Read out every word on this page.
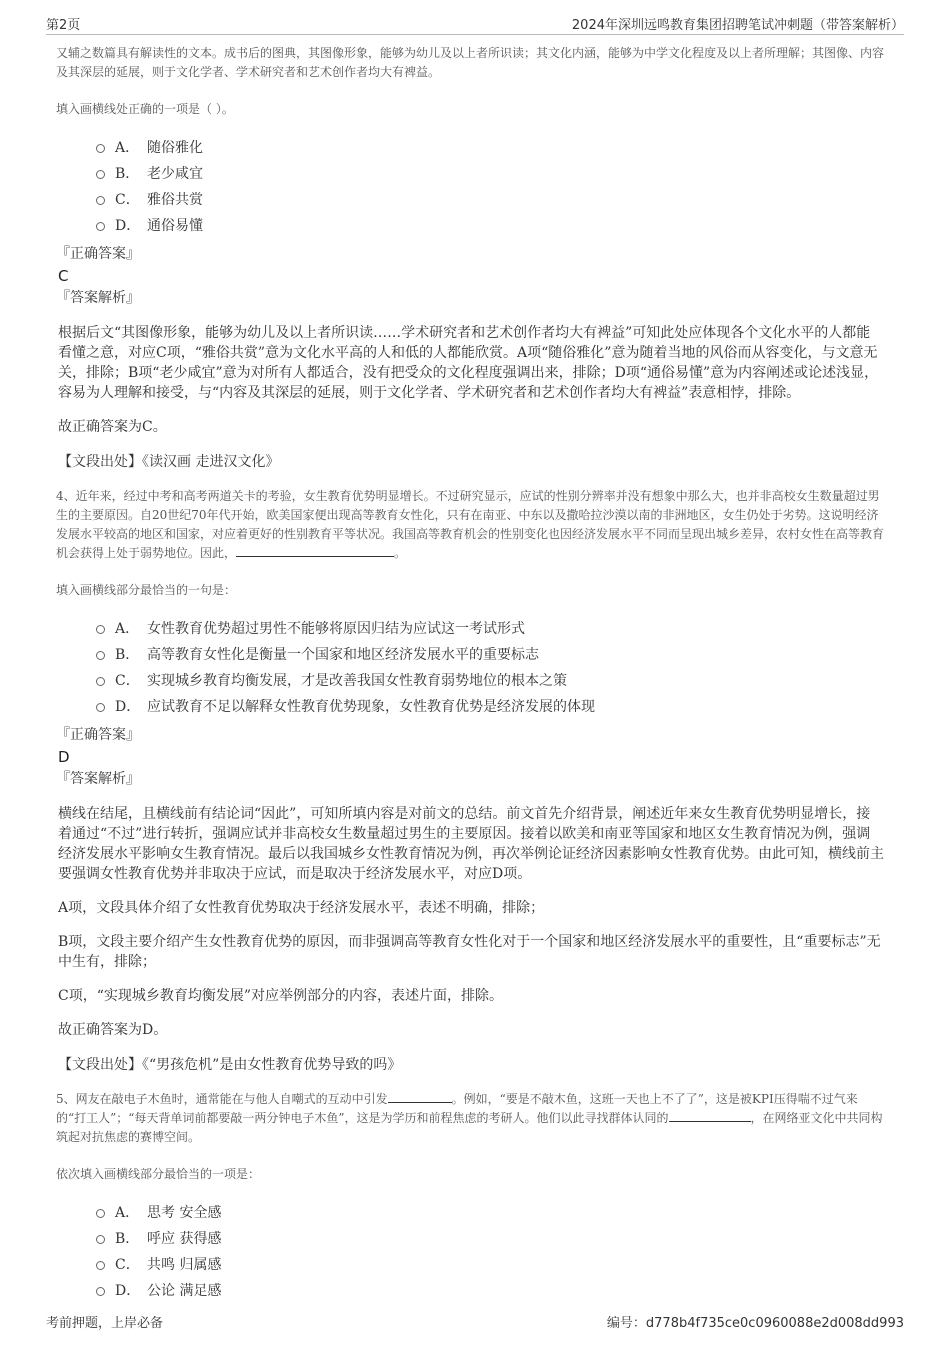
第2页	2024年深圳远鸣教育集团招聘笔试冲刺题（带答案解析）

又辅之数篇具有解读性的文本。成书后的图典，其图像形象，能够为幼儿及以上者所识读；其文化内涵，能够为中学文化程度及以上者所理解；其图像、内容及其深层的延展，则于文化学者、学术研究者和艺术创作者均大有裨益。

填入画横线处正确的一项是（ ）。

A． 随俗雅化
B． 老少咸宜
C． 雅俗共赏
D． 通俗易懂

『正确答案』

C

『答案解析』

根据后文“其图像形象，能够为幼儿及以上者所识读……学术研究者和艺术创作者均大有裨益”可知此处应体现各个文化水平的人都能看懂之意，对应C项，“雅俗共赏”意为文化水平高的人和低的人都能欣赏。A项“随俗雅化”意为随着当地的风俗而从容变化，与文意无关，排除；B项“老少咸宜”意为对所有人都适合，没有把受众的文化程度强调出来，排除；D项“通俗易懂”意为内容阐述或论述浅显，容易为人理解和接受，与“内容及其深层的延展，则于文化学者、学术研究者和艺术创作者均大有裨益”表意相悖，排除。

故正确答案为C。

【文段出处】《读汉画 走进汉文化》

4、近年来，经过中考和高考两道关卡的考验，女生教育优势明显增长。不过研究显示，应试的性别分辨率并没有想象中那么大，也并非高校女生数量超过男生的主要原因。自20世纪70年代开始，欧美国家便出现高等教育女性化，只有在南亚、中东以及撒哈拉沙漠以南的非洲地区，女生仍处于劣势。这说明经济发展水平较高的地区和国家，对应着更好的性别教育平等状况。我国高等教育机会的性别变化也因经济发展水平不同而呈现出城乡差异，农村女性在高等教育机会获得上处于弱势地位。因此，	。

填入画横线部分最恰当的一句是：

A． 女性教育优势超过男性不能够将原因归结为应试这一考试形式
B． 高等教育女性化是衡量一个国家和地区经济发展水平的重要标志
C． 实现城乡教育均衡发展，才是改善我国女性教育弱势地位的根本之策
D． 应试教育不足以解释女性教育优势现象，女性教育优势是经济发展的体现

『正确答案』

D

『答案解析』

横线在结尾，且横线前有结论词“因此”，可知所填内容是对前文的总结。前文首先介绍背景，阐述近年来女生教育优势明显增长，接着通过“不过”进行转折，强调应试并非高校女生数量超过男生的主要原因。接着以欧美和南亚等国家和地区女生教育情况为例，强调经济发展水平影响女生教育情况。最后以我国城乡女性教育情况为例，再次举例论证经济因素影响女性教育优势。由此可知，横线前主要强调女性教育优势并非取决于应试，而是取决于经济发展水平，对应D项。

A项，文段具体介绍了女性教育优势取决于经济发展水平，表述不明确，排除；

B项，文段主要介绍产生女性教育优势的原因，而非强调高等教育女性化对于一个国家和地区经济发展水平的重要性，且“重要标志”无中生有，排除；

C项，“实现城乡教育均衡发展”对应举例部分的内容，表述片面，排除。

故正确答案为D。

【文段出处】《“男孩危机”是由女性教育优势导致的吗》

5、网友在敲电子木鱼时，通常能在与他人自嘲式的互动中引发	。例如，“要是不敲木鱼，这班一天也上不了了”，这是被KPI压得喘不过气来的“打工人”；“每天背单词前都要敲一两分钟电子木鱼”，这是为学历和前程焦虑的考研人。他们以此寻找群体认同的	，在网络亚文化中共同构筑起对抗焦虑的赛博空间。

依次填入画横线部分最恰当的一项是：

A． 思考 安全感
B． 呼应 获得感
C． 共鸣 归属感
D． 公论 满足感
考前押题，上岸必备	编号：d778b4f735ce0c0960088e2d008dd993
